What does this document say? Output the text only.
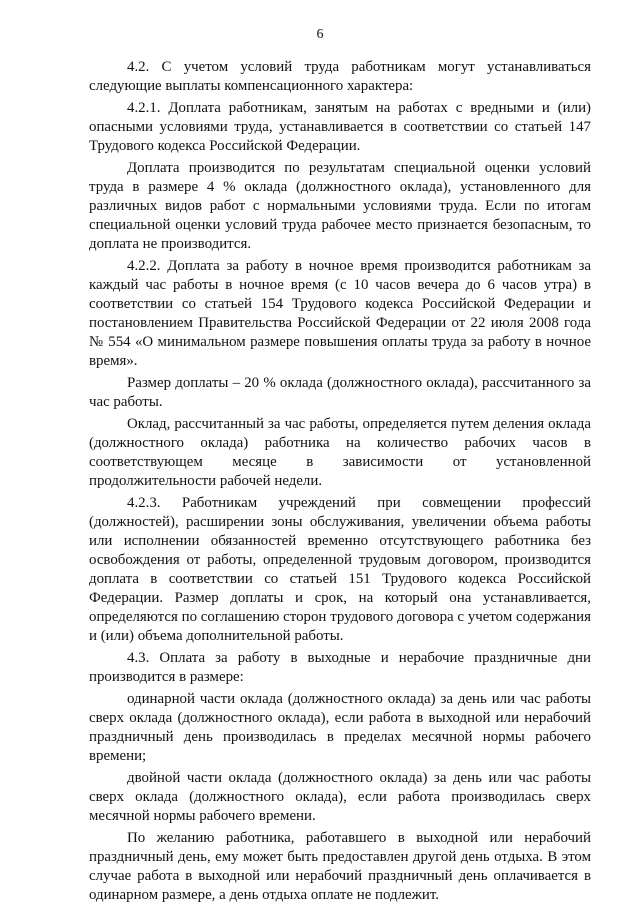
6

4.2. С учетом условий труда работникам могут устанавливаться следующие выплаты компенсационного характера:

4.2.1. Доплата работникам, занятым на работах с вредными и (или) опасными условиями труда, устанавливается в соответствии со статьей 147 Трудового кодекса Российской Федерации.

Доплата производится по результатам специальной оценки условий труда в размере 4 % оклада (должностного оклада), установленного для различных видов работ с нормальными условиями труда. Если по итогам специальной оценки условий труда рабочее место признается безопасным, то доплата не производится.

4.2.2. Доплата за работу в ночное время производится работникам за каждый час работы в ночное время (с 10 часов вечера до 6 часов утра) в соответствии со статьей 154 Трудового кодекса Российской Федерации и постановлением Правительства Российской Федерации от 22 июля 2008 года № 554 «О минимальном размере повышения оплаты труда за работу в ночное время».

Размер доплаты – 20 % оклада (должностного оклада), рассчитанного за час работы.

Оклад, рассчитанный за час работы, определяется путем деления оклада (должностного оклада) работника на количество рабочих часов в соответствующем месяце в зависимости от установленной продолжительности рабочей недели.

4.2.3. Работникам учреждений при совмещении профессий (должностей), расширении зоны обслуживания, увеличении объема работы или исполнении обязанностей временно отсутствующего работника без освобождения от работы, определенной трудовым договором, производится доплата в соответствии со статьей 151 Трудового кодекса Российской Федерации. Размер доплаты и срок, на который она устанавливается, определяются по соглашению сторон трудового договора с учетом содержания и (или) объема дополнительной работы.

4.3. Оплата за работу в выходные и нерабочие праздничные дни производится в размере:

одинарной части оклада (должностного оклада) за день или час работы сверх оклада (должностного оклада), если работа в выходной или нерабочий праздничный день производилась в пределах месячной нормы рабочего времени;

двойной части оклада (должностного оклада) за день или час работы сверх оклада (должностного оклада), если работа производилась сверх месячной нормы рабочего времени.

По желанию работника, работавшего в выходной или нерабочий праздничный день, ему может быть предоставлен другой день отдыха. В этом случае работа в выходной или нерабочий праздничный день оплачивается в одинарном размере, а день отдыха оплате не подлежит.
